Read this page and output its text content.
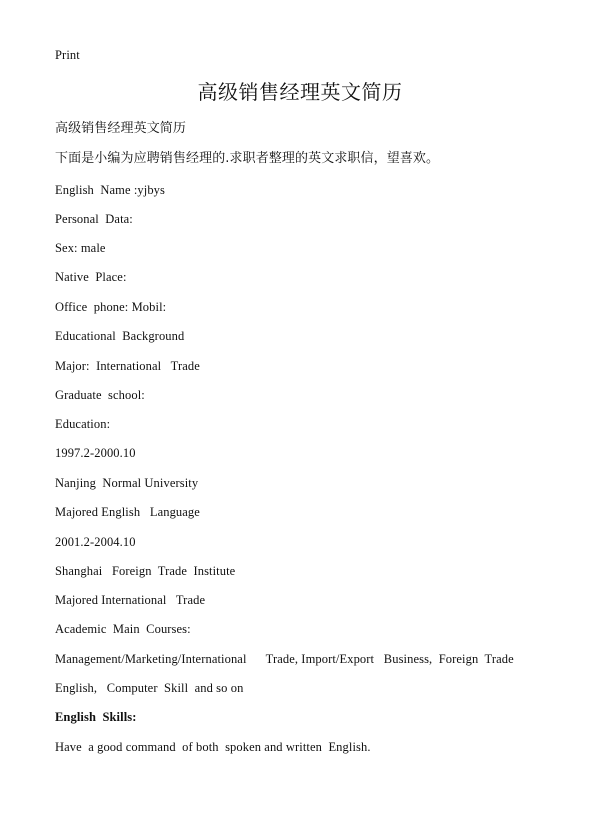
Print
高级销售经理英文简历
高级销售经理英文简历
下面是小编为应聘销售经理的.求职者整理的英文求职信，望喜欢。
English  Name :yjbys
Personal  Data:
Sex: male
Native  Place:
Office  phone: Mobil:
Educational  Background
Major:  International   Trade
Graduate  school:
Education:
1997.2-2000.10
Nanjing  Normal University
Majored English   Language
2001.2-2004.10
Shanghai   Foreign  Trade  Institute
Majored International   Trade
Academic  Main  Courses:
Management/Marketing/International      Trade, Import/Export   Business,  Foreign  Trade
English,   Computer  Skill  and so on
English  Skills:
Have  a good command  of both  spoken and written  English.
